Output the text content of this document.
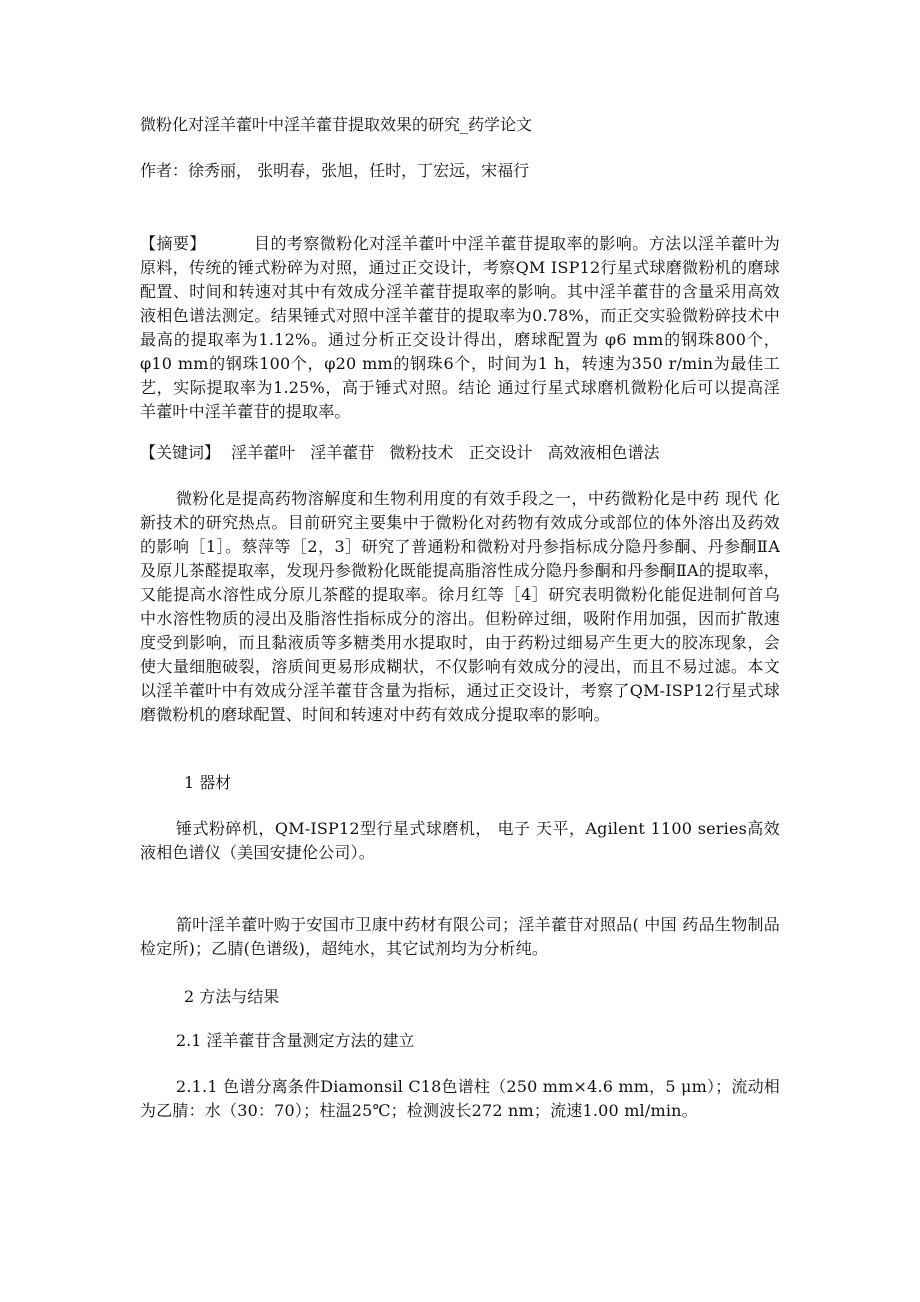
微粉化对淫羊藿叶中淫羊藿苷提取效果的研究_药学论文
作者：徐秀丽， 张明春，张旭，任时，丁宏远，宋福行
【摘要】	目的考察微粉化对淫羊藿叶中淫羊藿苷提取率的影响。方法以淫羊藿叶为原料，传统的锤式粉碎为对照，通过正交设计，考察QM ISP12行星式球磨微粉机的磨球配置、时间和转速对其中有效成分淫羊藿苷提取率的影响。其中淫羊藿苷的含量采用高效液相色谱法测定。结果锤式对照中淫羊藿苷的提取率为0.78%，而正交实验微粉碎技术中最高的提取率为1.12%。通过分析正交设计得出，磨球配置为 φ6 mm的钢珠800个，φ10 mm的钢珠100个，φ20 mm的钢珠6个，时间为1 h，转速为350 r/min为最佳工艺，实际提取率为1.25%，高于锤式对照。结论 通过行星式球磨机微粉化后可以提高淫羊藿叶中淫羊藿苷的提取率。
【关键词】 淫羊藿叶 淫羊藿苷 微粉技术 正交设计 高效液相色谱法
微粉化是提高药物溶解度和生物利用度的有效手段之一，中药微粉化是中药 现代 化新技术的研究热点。目前研究主要集中于微粉化对药物有效成分或部位的体外溶出及药效的影响［1］。蔡萍等［2，3］研究了普通粉和微粉对丹参指标成分隐丹参酮、丹参酮ⅡA及原儿茶醛提取率，发现丹参微粉化既能提高脂溶性成分隐丹参酮和丹参酮ⅡA的提取率，又能提高水溶性成分原儿茶醛的提取率。徐月红等［4］研究表明微粉化能促进制何首乌中水溶性物质的浸出及脂溶性指标成分的溶出。但粉碎过细，吸附作用加强，因而扩散速度受到影响，而且黏液质等多糖类用水提取时，由于药粉过细易产生更大的胶冻现象，会使大量细胞破裂，溶质间更易形成糊状，不仅影响有效成分的浸出，而且不易过滤。本文以淫羊藿叶中有效成分淫羊藿苷含量为指标，通过正交设计，考察了QM-ISP12行星式球磨微粉机的磨球配置、时间和转速对中药有效成分提取率的影响。
1 器材
锤式粉碎机，QM-ISP12型行星式球磨机， 电子 天平，Agilent 1100 series高效液相色谱仪（美国安捷伦公司）。
箭叶淫羊藿叶购于安国市卫康中药材有限公司；淫羊藿苷对照品( 中国 药品生物制品检定所)；乙腈(色谱级)，超纯水，其它试剂均为分析纯。
2 方法与结果
2.1 淫羊藿苷含量测定方法的建立
2.1.1 色谱分离条件Diamonsil C18色谱柱（250 mm×4.6 mm，5 μm）；流动相为乙腈：水（30：70）；柱温25℃；检测波长272 nm；流速1.00 ml/min。
